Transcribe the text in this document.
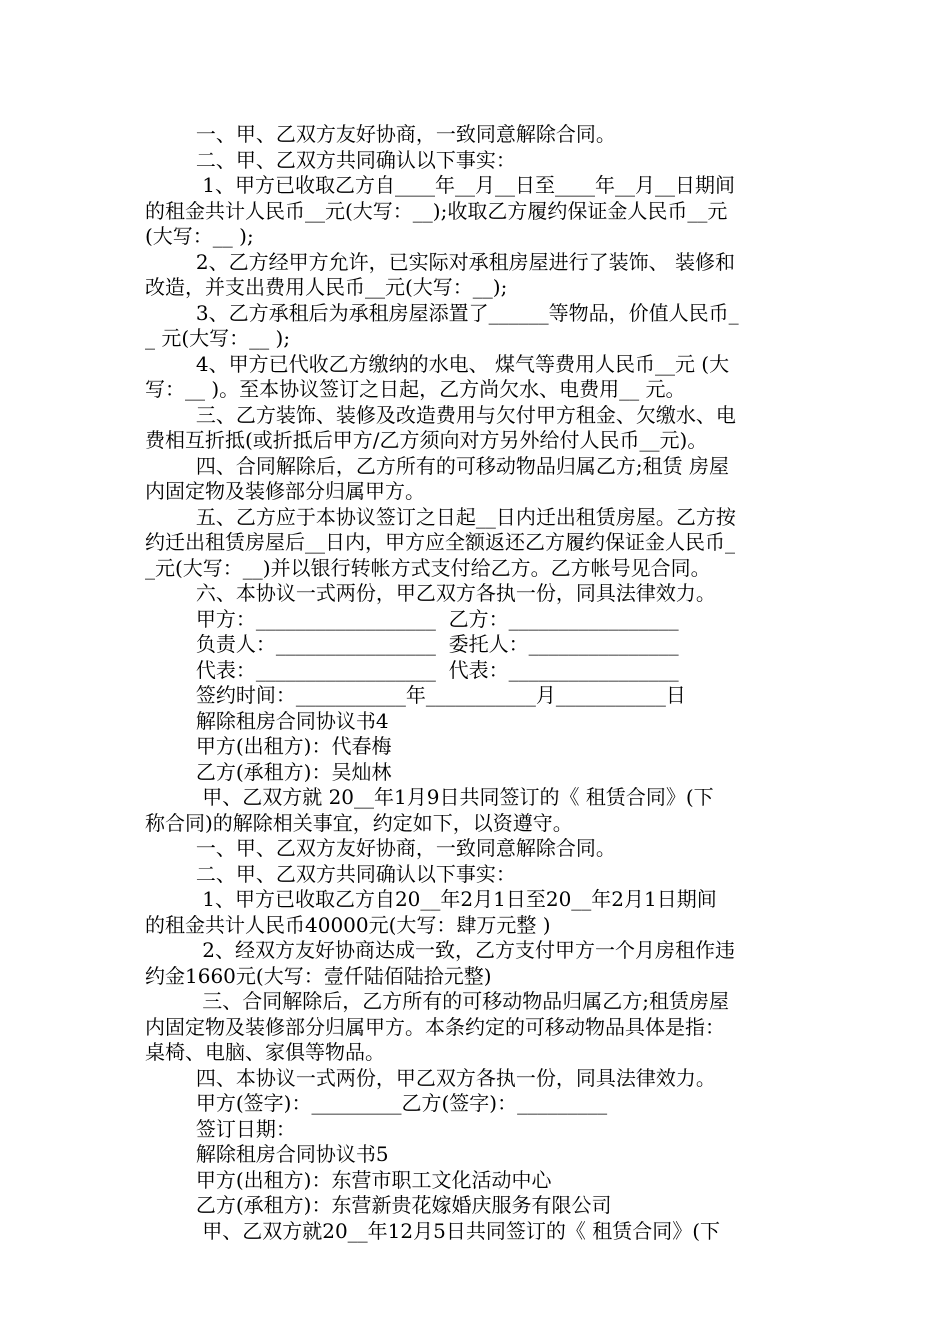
一、甲、乙双方友好协商，一致同意解除合同。
二、甲、乙双方共同确认以下事实：
1、甲方已收取乙方自____年__月__日至____年__月__日期间
的租金共计人民币__元(大写：__);收取乙方履约保证金人民币__元
(大写：__ );
2、乙方经甲方允许，已实际对承租房屋进行了装饰、 装修和
改造，并支出费用人民币__元(大写：__);
3、乙方承租后为承租房屋添置了______等物品，价值人民币_
_ 元(大写：__ );
4、甲方已代收乙方缴纳的水电、 煤气等费用人民币__元 (大
写：__ )。至本协议签订之日起，乙方尚欠水、电费用__ 元。
三、乙方装饰、装修及改造费用与欠付甲方租金、欠缴水、电
费相互折抵(或折抵后甲方/乙方须向对方另外给付人民币__元)。
四、合同解除后，乙方所有的可移动物品归属乙方;租赁 房屋
内固定物及装修部分归属甲方。
五、乙方应于本协议签订之日起__日内迁出租赁房屋。乙方按
约迁出租赁房屋后__日内，甲方应全额返还乙方履约保证金人民币_
_元(大写：__)并以银行转帐方式支付给乙方。乙方帐号见合同。
六、本协议一式两份，甲乙双方各执一份，同具法律效力。
甲方：__________________  乙方：_________________
负责人：________________  委托人：_______________
代表：__________________  代表：_________________
签约时间：___________年___________月___________日
解除租房合同协议书4
甲方(出租方)：代春梅
乙方(承租方)：吴灿林
甲、乙双方就 20__年1月9日共同签订的《 租赁合同》(下
称合同)的解除相关事宜，约定如下，以资遵守。
一、甲、乙双方友好协商，一致同意解除合同。
二、甲、乙双方共同确认以下事实：
1、甲方已收取乙方自20__年2月1日至20__年2月1日期间
的租金共计人民币40000元(大写：肆万元整 )
2、经双方友好协商达成一致，乙方支付甲方一个月房租作违
约金1660元(大写：壹仟陆佰陆拾元整)
三、合同解除后，乙方所有的可移动物品归属乙方;租赁房屋
内固定物及装修部分归属甲方。本条约定的可移动物品具体是指：
桌椅、电脑、家俱等物品。
四、本协议一式两份，甲乙双方各执一份，同具法律效力。
甲方(签字)：_________乙方(签字)：_________
签订日期：
解除租房合同协议书5
甲方(出租方)：东营市职工文化活动中心
乙方(承租方)：东营新贵花嫁婚庆服务有限公司
甲、乙双方就20__年12月5日共同签订的《 租赁合同》(下
